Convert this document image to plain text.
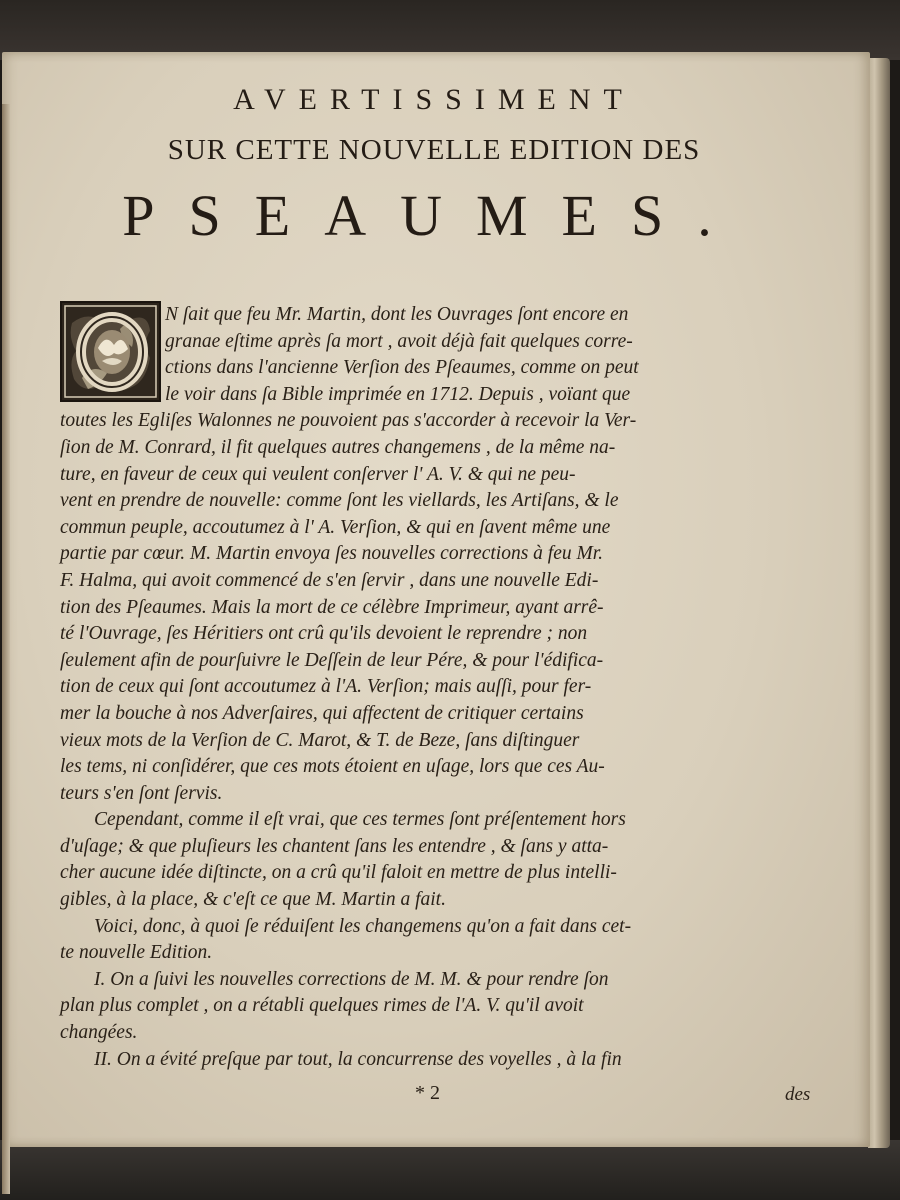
AVERTISSIMENT
SUR CETTE NOUVELLE EDITION DES
PSEAUMES.
N ſait que feu Mr. Martin, dont les Ouvrages ſont encore en
granae eſtime après ſa mort , avoit déjà fait quelques corre-
ctions dans l'ancienne Verſion des Pſeaumes, comme on peut
le voir dans ſa Bible imprimée en 1712. Depuis , voïant que
toutes les Egliſes Walonnes ne pouvoient pas s'accorder à recevoir la Ver-
ſion de M. Conrard, il fit quelques autres changemens , de la même na-
ture, en faveur de ceux qui veulent conſerver l' A. V. & qui ne peu-
vent en prendre de nouvelle: comme ſont les viellards, les Artiſans, & le
commun peuple, accoutumez à l' A. Verſion, & qui en ſavent même une
partie par cœur. M. Martin envoya ſes nouvelles corrections à feu Mr.
F. Halma, qui avoit commencé de s'en ſervir , dans une nouvelle Edi-
tion des Pſeaumes. Mais la mort de ce célèbre Imprimeur, ayant arrê-
té l'Ouvrage, ſes Héritiers ont crû qu'ils devoient le reprendre ; non
ſeulement afin de pourſuivre le Deſſein de leur Pére, & pour l'édifica-
tion de ceux qui ſont accoutumez à l'A. Verſion; mais auſſi, pour fer-
mer la bouche à nos Adverſaires, qui affectent de critiquer certains
vieux mots de la Verſion de C. Marot, & T. de Beze, ſans diſtinguer
les tems, ni conſidérer, que ces mots étoient en uſage, lors que ces Au-
teurs s'en ſont ſervis.
Cependant, comme il eſt vrai, que ces termes ſont préſentement hors
d'uſage; & que pluſieurs les chantent ſans les entendre , & ſans y atta-
cher aucune idée diſtincte, on a crû qu'il faloit en mettre de plus intelli-
gibles, à la place, & c'eſt ce que M. Martin a fait.
Voici, donc, à quoi ſe réduiſent les changemens qu'on a fait dans cet-
te nouvelle Edition.
I. On a ſuivi les nouvelles corrections de M. M. & pour rendre ſon
plan plus complet , on a rétabli quelques rimes de l'A. V. qu'il avoit
changées.
II. On a évité preſque par tout, la concurrense des voyelles , à la fin
* 2	des
